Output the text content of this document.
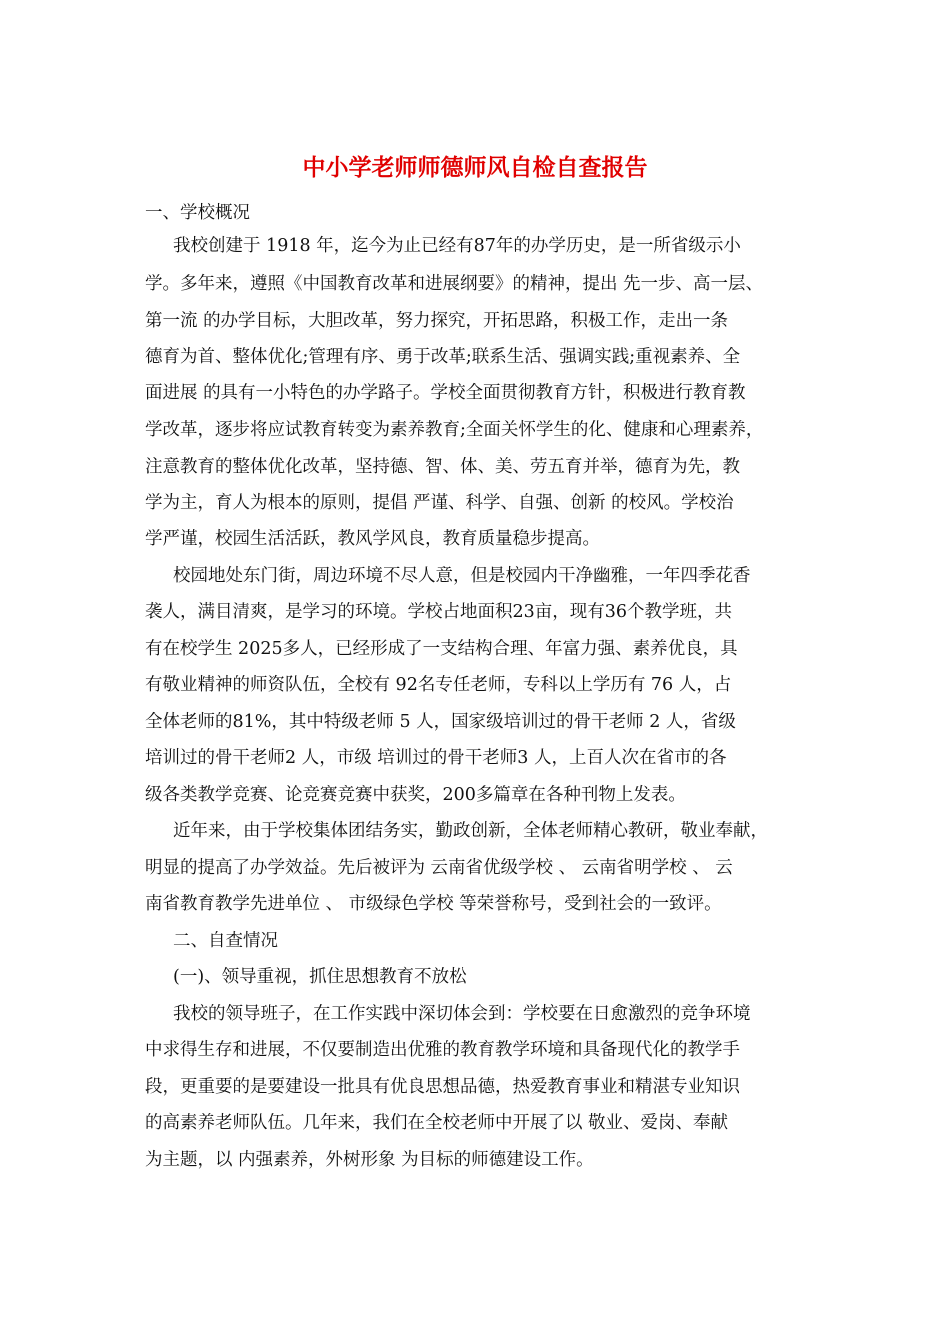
中小学老师师德师风自检自查报告

一、学校概况

我校创建于 1918 年，迄今为止已经有87年的办学历史，是一所省级示小

学。多年来，遵照《中国教育改革和进展纲要》的精神，提出 先一步、高一层、

第一流 的办学目标，大胆改革，努力探究，开拓思路，积极工作，走出一条

德育为首、整体优化;管理有序、勇于改革;联系生活、强调实践;重视素养、全

面进展 的具有一小特色的办学路子。学校全面贯彻教育方针，积极进行教育教

学改革，逐步将应试教育转变为素养教育;全面关怀学生的化、健康和心理素养，

注意教育的整体优化改革，坚持德、智、体、美、劳五育并举，德育为先，教

学为主，育人为根本的原则，提倡 严谨、科学、自强、创新 的校风。学校治

学严谨，校园生活活跃，教风学风良，教育质量稳步提高。

校园地处东门街，周边环境不尽人意，但是校园内干净幽雅，一年四季花香

袭人，满目清爽，是学习的环境。学校占地面积23亩，现有36个教学班，共

有在校学生 2025多人，已经形成了一支结构合理、年富力强、素养优良，具

有敬业精神的师资队伍，全校有 92名专任老师，专科以上学历有 76 人，占

全体老师的81%，其中特级老师 5 人，国家级培训过的骨干老师 2 人，省级

培训过的骨干老师2 人，市级 培训过的骨干老师3 人，上百人次在省市的各

级各类教学竞赛、论竞赛竞赛中获奖，200多篇章在各种刊物上发表。

近年来，由于学校集体团结务实，勤政创新，全体老师精心教研，敬业奉献，

明显的提高了办学效益。先后被评为 云南省优级学校 、 云南省明学校 、 云

南省教育教学先进单位 、 市级绿色学校 等荣誉称号，受到社会的一致评。

二、自查情况

(一)、领导重视，抓住思想教育不放松

我校的领导班子，在工作实践中深切体会到：学校要在日愈激烈的竞争环境

中求得生存和进展，不仅要制造出优雅的教育教学环境和具备现代化的教学手

段，更重要的是要建设一批具有优良思想品德，热爱教育事业和精湛专业知识

的高素养老师队伍。几年来，我们在全校老师中开展了以 敬业、爱岗、奉献

为主题，以 内强素养，外树形象 为目标的师德建设工作。
